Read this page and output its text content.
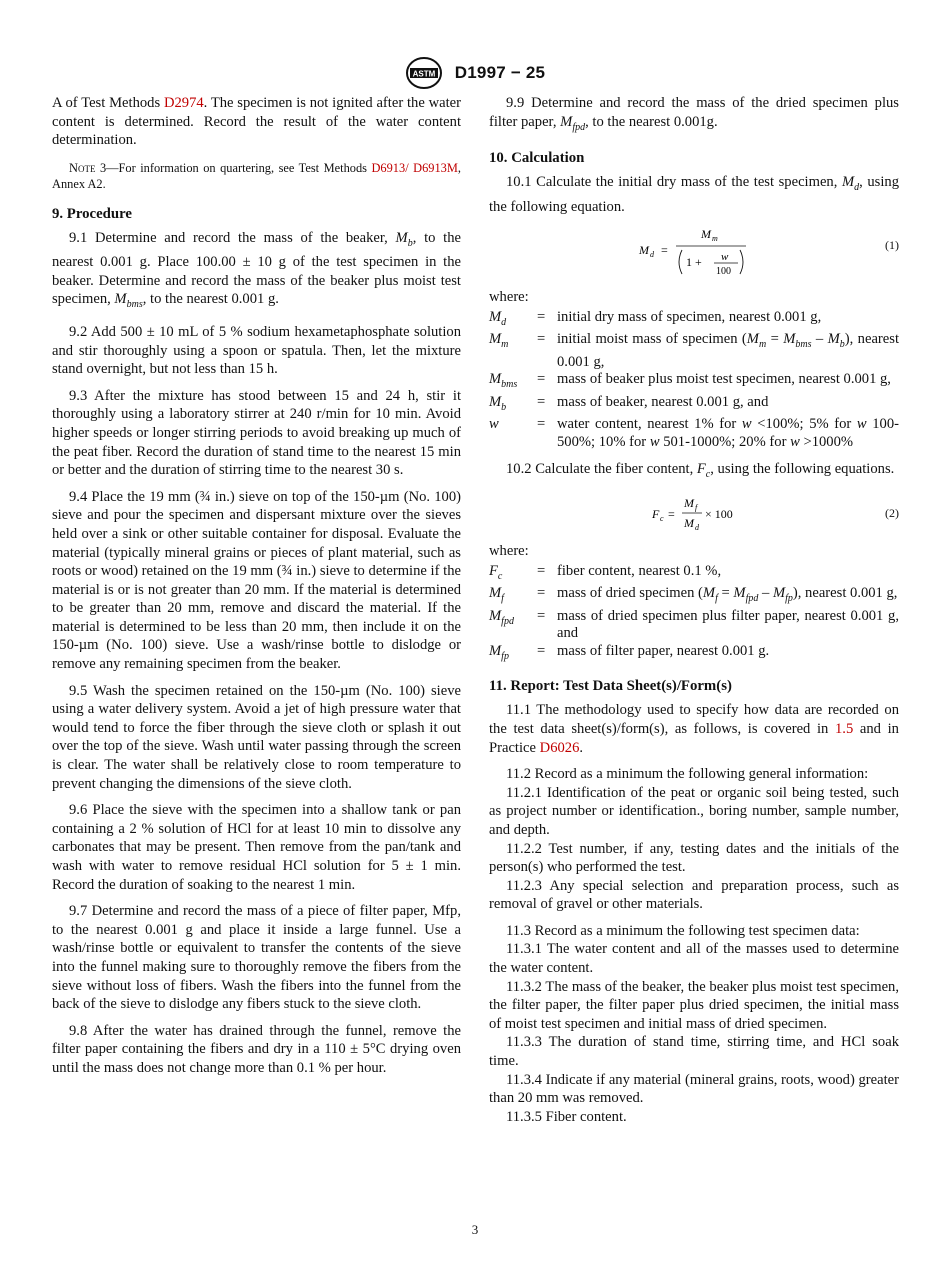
ASTM D1997 − 25

A of Test Methods D2974. The specimen is not ignited after the water content is determined. Record the result of the water content determination.

Note 3—For information on quartering, see Test Methods D6913/ D6913M, Annex A2.

9. Procedure

9.1 Determine and record the mass of the beaker, $M_b$, to the nearest 0.001 g. Place 100.00 ± 10 g of the test specimen in the beaker. Determine and record the mass of the beaker plus moist test specimen, $M_{bms}$, to the nearest 0.001 g.

9.2 Add 500 ± 10 mL of 5 % sodium hexametaphosphate solution and stir thoroughly using a spoon or spatula. Then, let the mixture stand overnight, but not less than 15 h.

9.3 After the mixture has stood between 15 and 24 h, stir it thoroughly using a laboratory stirrer at 240 r/min for 10 min. Avoid higher speeds or longer stirring periods to avoid breaking up much of the peat fiber. Record the duration of stand time to the nearest 15 min or better and the duration of stirring time to the nearest 30 s.

9.4 Place the 19 mm (¾ in.) sieve on top of the 150-µm (No. 100) sieve and pour the specimen and dispersant mixture over the sieves held over a sink or other suitable container for disposal. Evaluate the material (typically mineral grains or pieces of plant material, such as roots or wood) retained on the 19 mm (¾ in.) sieve to determine if the material is or is not greater than 20 mm. If the material is determined to be greater than 20 mm, remove and discard the material. If the material is determined to be less than 20 mm, then include it on the 150-µm (No. 100) sieve. Use a wash/rinse bottle to dislodge or remove any remaining specimen from the beaker.

9.5 Wash the specimen retained on the 150-µm (No. 100) sieve using a water delivery system. Avoid a jet of high pressure water that would tend to force the fiber through the sieve cloth or splash it out over the top of the sieve. Wash until water passing through the screen is clear. The water shall be relatively close to room temperature to prevent changing the dimensions of the sieve cloth.

9.6 Place the sieve with the specimen into a shallow tank or pan containing a 2 % solution of HCl for at least 10 min to dissolve any carbonates that may be present. Then remove from the pan/tank and wash with water to remove residual HCl solution for 5 ± 1 min. Record the duration of soaking to the nearest 1 min.

9.7 Determine and record the mass of a piece of filter paper, Mfp, to the nearest 0.001 g and place it inside a large funnel. Use a wash/rinse bottle or equivalent to transfer the contents of the sieve into the funnel making sure to thoroughly remove the fibers from the sieve without loss of fibers. Wash the fibers into the funnel from the back of the sieve to dislodge any fibers stuck to the sieve cloth.

9.8 After the water has drained through the funnel, remove the filter paper containing the fibers and dry in a 110 ± 5°C drying oven until the mass does not change more than 0.1 % per hour.

9.9 Determine and record the mass of the dried specimen plus filter paper, $M_{fpd}$, to the nearest 0.001g.

10. Calculation

10.1 Calculate the initial dry mass of the test specimen, $M_d$, using the following equation.

M d =
M m
1 + w
100
(1)

where:

$M_d$	= initial dry mass of specimen, nearest 0.001 g,
$M_m$	= initial moist mass of specimen $(M_m = M_{bms} - M_b)$, nearest 0.001 g,
$M_{bms}$	= mass of beaker plus moist test specimen, nearest 0.001 g,
$M_b$	= mass of beaker, nearest 0.001 g, and
w	= water content, nearest 1% for w <100%; 5% for w 100-500%; 10% for w 501-1000%; 20% for w >1000%

10.2 Calculate the fiber content, $F_c$, using the following equations.

F c =
M f
M d
× 100	(2)

where:

$F_c$	= fiber content, nearest 0.1 %,
$M_f$	= mass of dried specimen $(M_f = M_{fpd} - M_{fp})$, nearest 0.001 g,
$M_{fpd}$	= mass of dried specimen plus filter paper, nearest 0.001 g, and
$M_{fp}$	= mass of filter paper, nearest 0.001 g.
11. Report: Test Data Sheet(s)/Form(s)

11.1 The methodology used to specify how data are recorded on the test data sheet(s)/form(s), as follows, is covered in 1.5 and in Practice D6026.

11.2 Record as a minimum the following general information:

11.2.1 Identification of the peat or organic soil being tested, such as project number or identification., boring number, sample number, and depth.

11.2.2 Test number, if any, testing dates and the initials of the person(s) who performed the test.

11.2.3 Any special selection and preparation process, such as removal of gravel or other materials.

11.3 Record as a minimum the following test specimen data:

11.3.1 The water content and all of the masses used to determine the water content.

11.3.2 The mass of the beaker, the beaker plus moist test specimen, the filter paper, the filter paper plus dried specimen, the initial mass of moist test specimen and initial mass of dried specimen.

11.3.3 The duration of stand time, stirring time, and HCl soak time.

11.3.4 Indicate if any material (mineral grains, roots, wood) greater than 20 mm was removed.

11.3.5 Fiber content.

3
